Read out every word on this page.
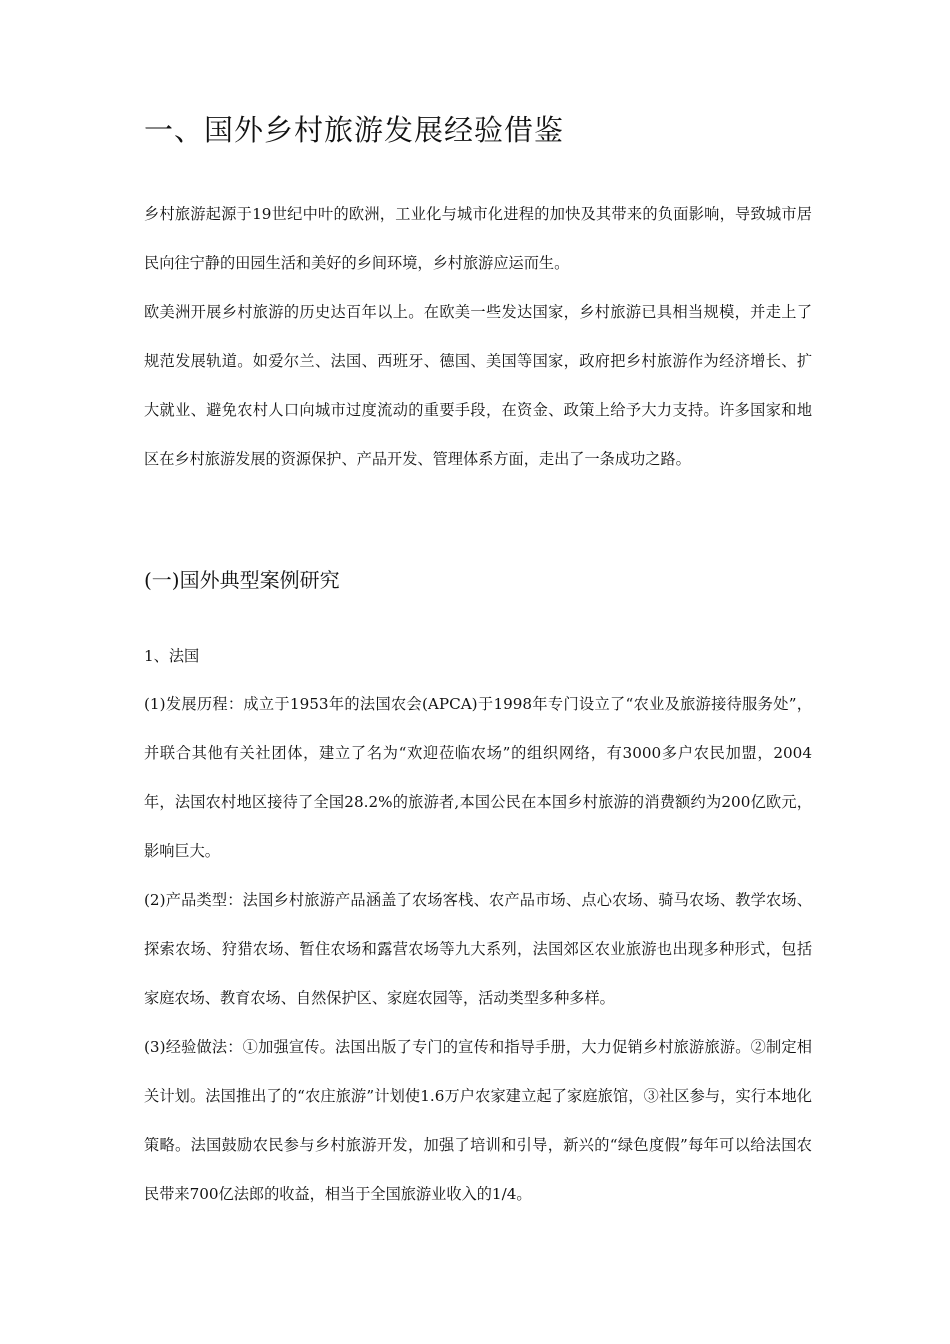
一、国外乡村旅游发展经验借鉴
乡村旅游起源于19世纪中叶的欧洲，工业化与城市化进程的加快及其带来的负面影响，导致城市居民向往宁静的田园生活和美好的乡间环境，乡村旅游应运而生。
欧美洲开展乡村旅游的历史达百年以上。在欧美一些发达国家，乡村旅游已具相当规模，并走上了规范发展轨道。如爱尔兰、法国、西班牙、德国、美国等国家，政府把乡村旅游作为经济增长、扩大就业、避免农村人口向城市过度流动的重要手段，在资金、政策上给予大力支持。许多国家和地区在乡村旅游发展的资源保护、产品开发、管理体系方面，走出了一条成功之路。
(一)国外典型案例研究
1、法国
(1)发展历程：成立于1953年的法国农会(APCA)于1998年专门设立了“农业及旅游接待服务处”，并联合其他有关社团体，建立了名为“欢迎莅临农场”的组织网络，有3000多户农民加盟，2004年，法国农村地区接待了全国28.2%的旅游者,本国公民在本国乡村旅游的消费额约为200亿欧元，影响巨大。
(2)产品类型：法国乡村旅游产品涵盖了农场客栈、农产品市场、点心农场、骑马农场、教学农场、探索农场、狩猎农场、暂住农场和露营农场等九大系列，法国郊区农业旅游也出现多种形式，包括家庭农场、教育农场、自然保护区、家庭农园等，活动类型多种多样。
(3)经验做法：①加强宣传。法国出版了专门的宣传和指导手册，大力促销乡村旅游旅游。②制定相关计划。法国推出了的“农庄旅游”计划使1.6万户农家建立起了家庭旅馆，③社区参与，实行本地化策略。法国鼓励农民参与乡村旅游开发，加强了培训和引导，新兴的“绿色度假”每年可以给法国农民带来700亿法郎的收益，相当于全国旅游业收入的1/4。
